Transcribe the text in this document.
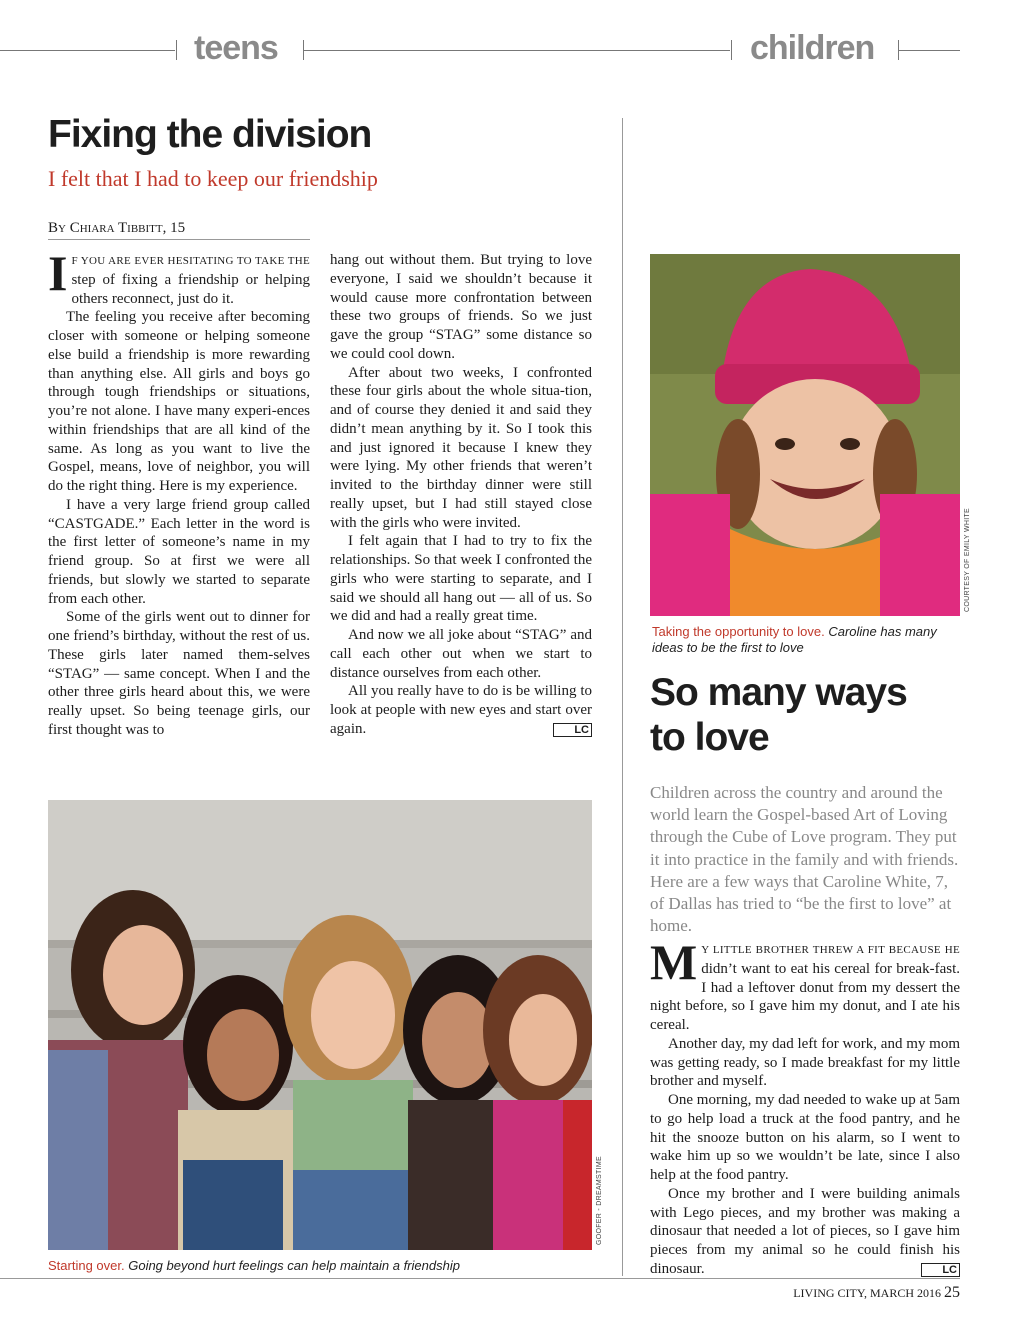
teens	children
Fixing the division
I felt that I had to keep our friendship
By Chiara Tibbitt, 15

I F YOU ARE EVER HESITATING TO TAKE THE step of fixing a friendship or helping others reconnect, just do it.

The feeling you receive after becoming closer with someone or helping someone else build a friendship is more rewarding than anything else. All girls and boys go through tough friendships or situations, you’re not alone. I have many experi-ences within friendships that are all kind of the same. As long as you want to live the Gospel, means, love of neighbor, you will do the right thing. Here is my experience.

I have a very large friend group called “CASTGADE.” Each letter in the word is the first letter of someone’s name in my friend group. So at first we were all friends, but slowly we started to separate from each other.

Some of the girls went out to dinner for one friend’s birthday, without the rest of us. These girls later named them-selves “STAG” — same concept. When I and the other three girls heard about this, we were really upset. So being teenage girls, our first thought was to

hang out without them. But trying to love everyone, I said we shouldn’t because it would cause more confrontation between these two groups of friends. So we just gave the group “STAG” some distance so we could cool down.

After about two weeks, I confronted these four girls about the whole situa-tion, and of course they denied it and said they didn’t mean anything by it. So I took this and just ignored it because I knew they were lying. My other friends that weren’t invited to the birthday dinner were still really upset, but I had still stayed close with the girls who were invited.

I felt again that I had to try to fix the relationships. So that week I confronted the girls who were starting to separate, and I said we should all hang out — all of us. So we did and had a really great time.

And now we all joke about “STAG” and call each other out when we start to distance ourselves from each other.

All you really have to do is be willing to look at people with new eyes and start over again.	LC

GOOFER - DREAMSTIME
Starting over. Going beyond hurt feelings can help maintain a friendship
COURTESY OF EMILY WHITE
Taking the opportunity to love. Caroline has many ideas to be the first to love
So many ways to love
Children across the country and around the world learn the Gospel-based Art of Loving through the Cube of Love program. They put it into practice in the family and with friends. Here are a few ways that Caroline White, 7, of Dallas has tried to “be the first to love” at home.

M Y LITTLE BROTHER THREW A FIT BECAUSE HE didn’t want to eat his cereal for break-fast. I had a leftover donut from my dessert the night before, so I gave him my donut, and I ate his cereal.

Another day, my dad left for work, and my mom was getting ready, so I made breakfast for my little brother and myself.

One morning, my dad needed to wake up at 5am to go help load a truck at the food pantry, and he hit the snooze button on his alarm, so I went to wake him up so we wouldn’t be late, since I also help at the food pantry.

Once my brother and I were building animals with Lego pieces, and my brother was making a dinosaur that needed a lot of pieces, so I gave him pieces from my animal so he could finish his dinosaur.	LC

LIVING CITY, MARCH 2016 25
